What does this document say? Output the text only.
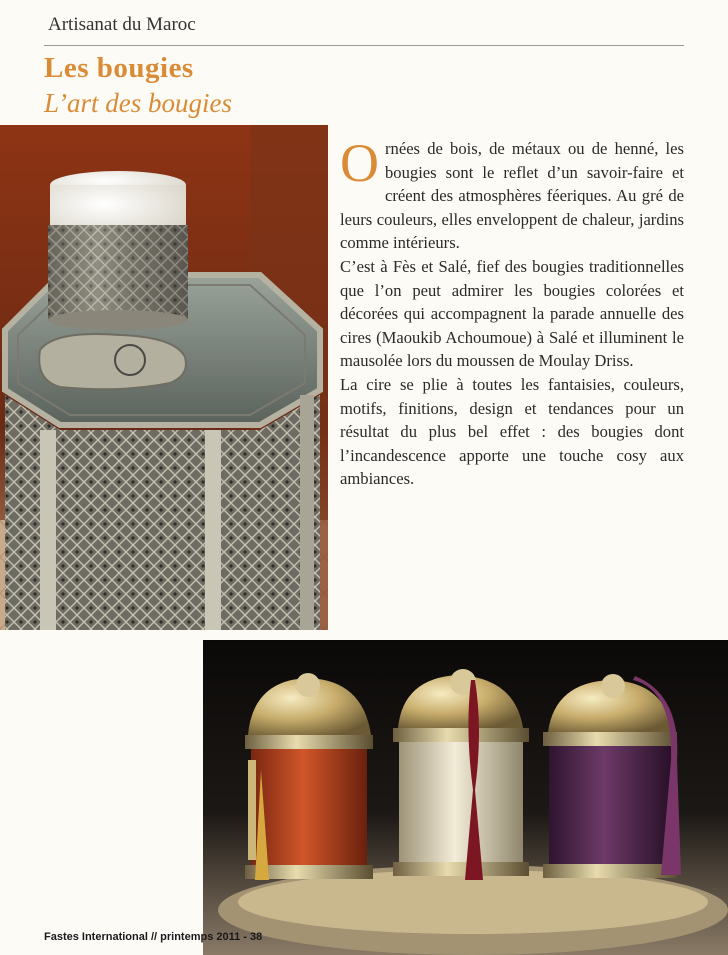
Artisanat du Maroc
Les bougies
L’art des bougies

Ornées de bois, de métaux ou de henné, les bougies sont le reflet d’un savoir-faire et créent des atmosphères féeriques. Au gré de leurs couleurs, elles enveloppent de chaleur, jardins comme intérieurs.

C’est à Fès et Salé, fief des bougies traditionnelles que l’on peut admirer les bougies colorées et décorées qui accompagnent la parade annuelle des cires (Maoukib Achoumoue) à Salé et illuminent le mausolée lors du moussen de Moulay Driss.

La cire se plie à toutes les fantaisies, couleurs, motifs, finitions, design et tendances pour un résultat du plus bel effet : des bougies dont l’incandescence apporte une touche cosy aux ambiances.

Fastes International // printemps 2011 - 38
